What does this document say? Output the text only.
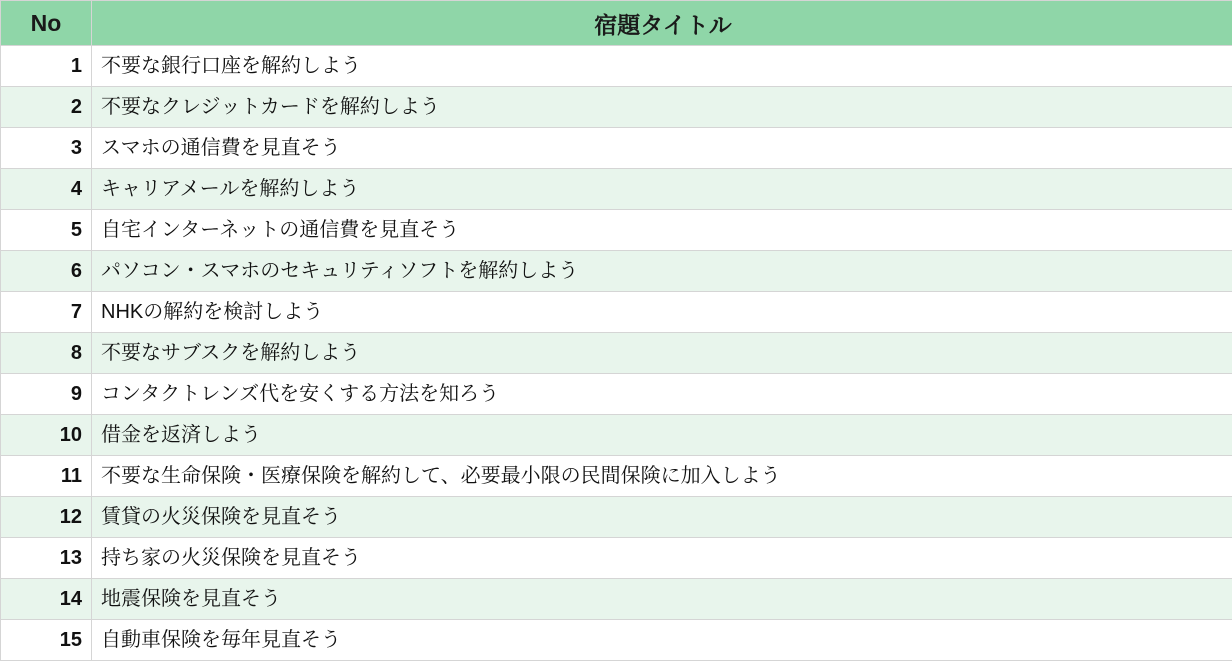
No	宿題タイトル
1	不要な銀行口座を解約しよう
2	不要なクレジットカードを解約しよう
3	スマホの通信費を見直そう
4	キャリアメールを解約しよう
5	自宅インターネットの通信費を見直そう
6	パソコン・スマホのセキュリティソフトを解約しよう
7	NHKの解約を検討しよう
8	不要なサブスクを解約しよう
9	コンタクトレンズ代を安くする方法を知ろう
10	借金を返済しよう
11	不要な生命保険・医療保険を解約して、必要最小限の民間保険に加入しよう
12	賃貸の火災保険を見直そう
13	持ち家の火災保険を見直そう
14	地震保険を見直そう
15	自動車保険を毎年見直そう
